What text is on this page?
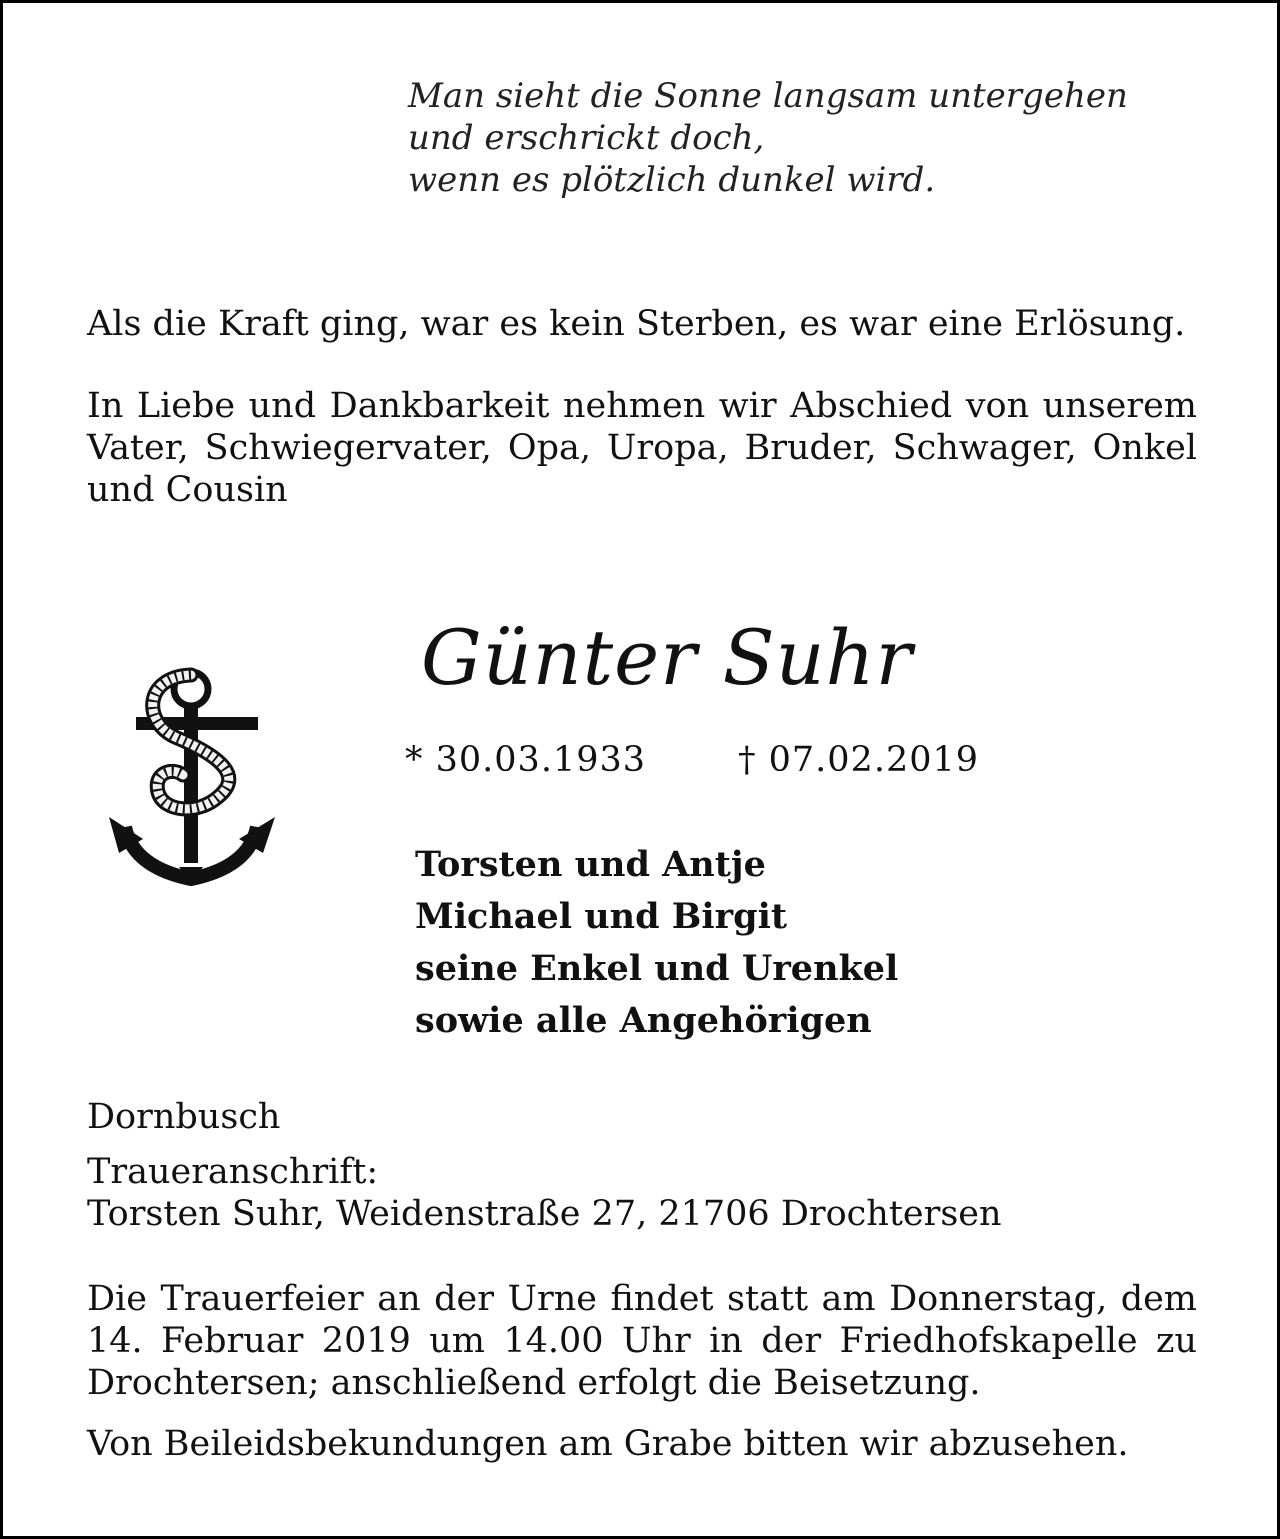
Man sieht die Sonne langsam untergehen
und erschrickt doch,
wenn es plötzlich dunkel wird.
Als die Kraft ging, war es kein Sterben, es war eine Erlösung.
In Liebe und Dankbarkeit nehmen wir Abschied von unserem Vater, Schwiegervater, Opa, Uropa, Bruder, Schwager, Onkel und Cousin
Günter Suhr
* 30.03.1933	† 07.02.2019
Torsten und Antje
Michael und Birgit
seine Enkel und Urenkel
sowie alle Angehörigen
Dornbusch
Traueranschrift:
Torsten Suhr, Weidenstraße 27, 21706 Drochtersen
Die Trauerfeier an der Urne findet statt am Donnerstag, dem 14. Februar 2019 um 14.00 Uhr in der Friedhofskapelle zu Drochtersen; anschließend erfolgt die Beisetzung.
Von Beileidsbekundungen am Grabe bitten wir abzusehen.
